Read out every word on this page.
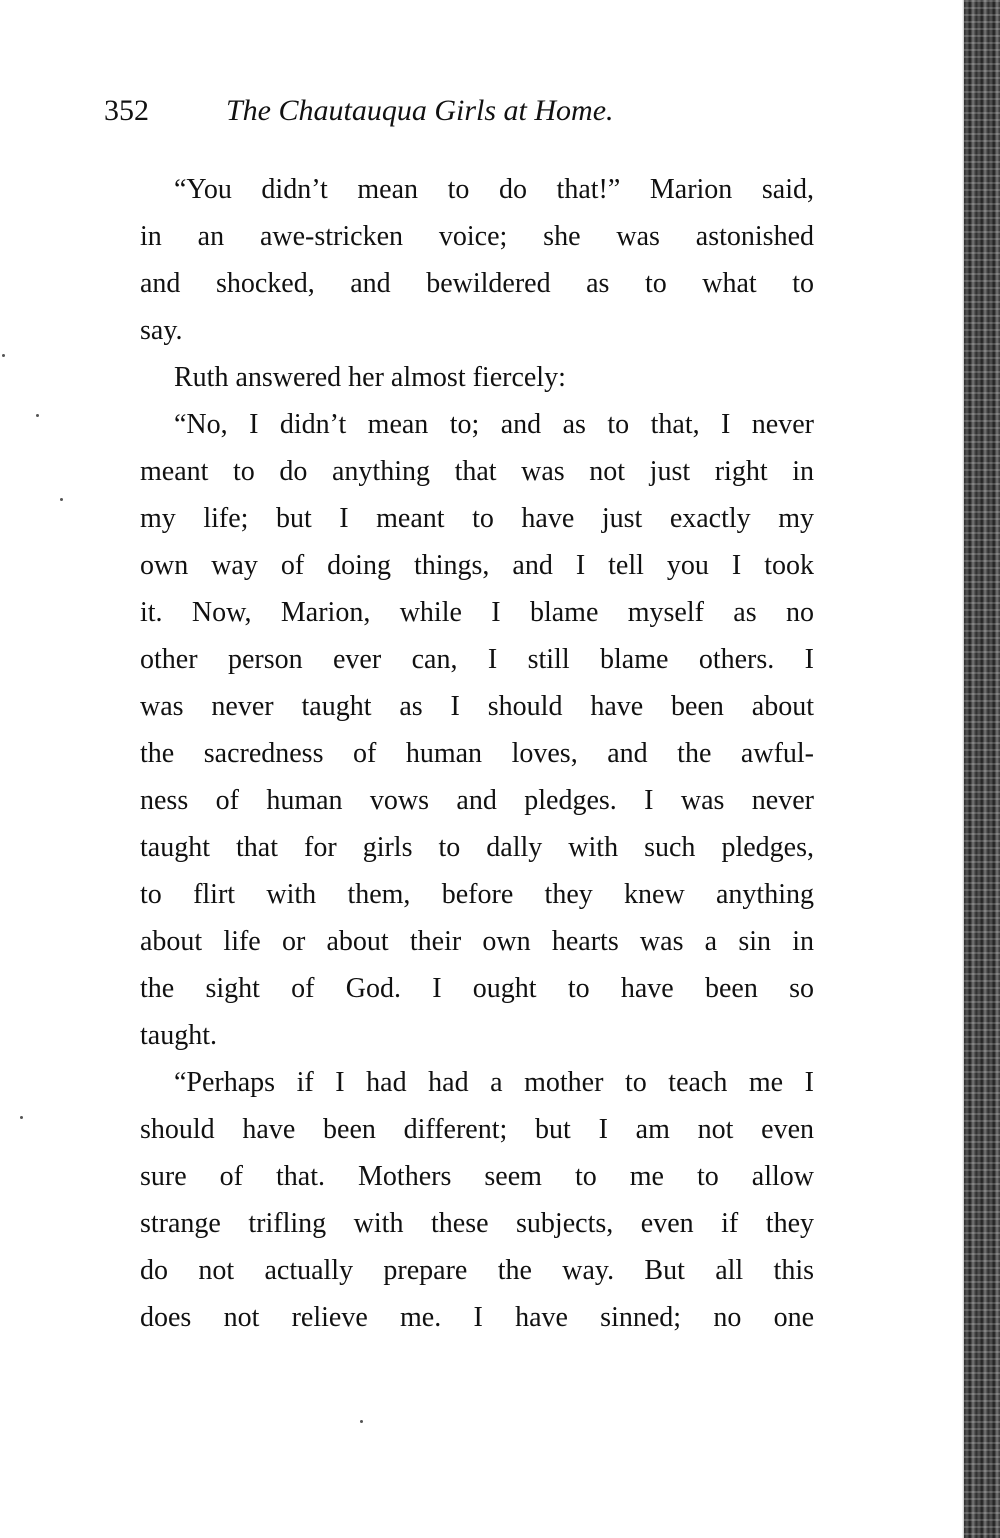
352	The Chautauqua Girls at Home.
“You didn’t mean to do that!” Marion said,
in an awe-stricken voice; she was astonished
and shocked, and bewildered as to what to
say.
Ruth answered her almost fiercely:
“No, I didn’t mean to; and as to that, I never
meant to do anything that was not just right in
my life; but I meant to have just exactly my
own way of doing things, and I tell you I took
it. Now, Marion, while I blame myself as no
other person ever can, I still blame others. I
was never taught as I should have been about
the sacredness of human loves, and the awful-
ness of human vows and pledges. I was never
taught that for girls to dally with such pledges,
to flirt with them, before they knew anything
about life or about their own hearts was a sin in
the sight of God. I ought to have been so
taught.
“Perhaps if I had had a mother to teach me I
should have been different; but I am not even
sure of that. Mothers seem to me to allow
strange trifling with these subjects, even if they
do not actually prepare the way. But all this
does not relieve me. I have sinned; no one
